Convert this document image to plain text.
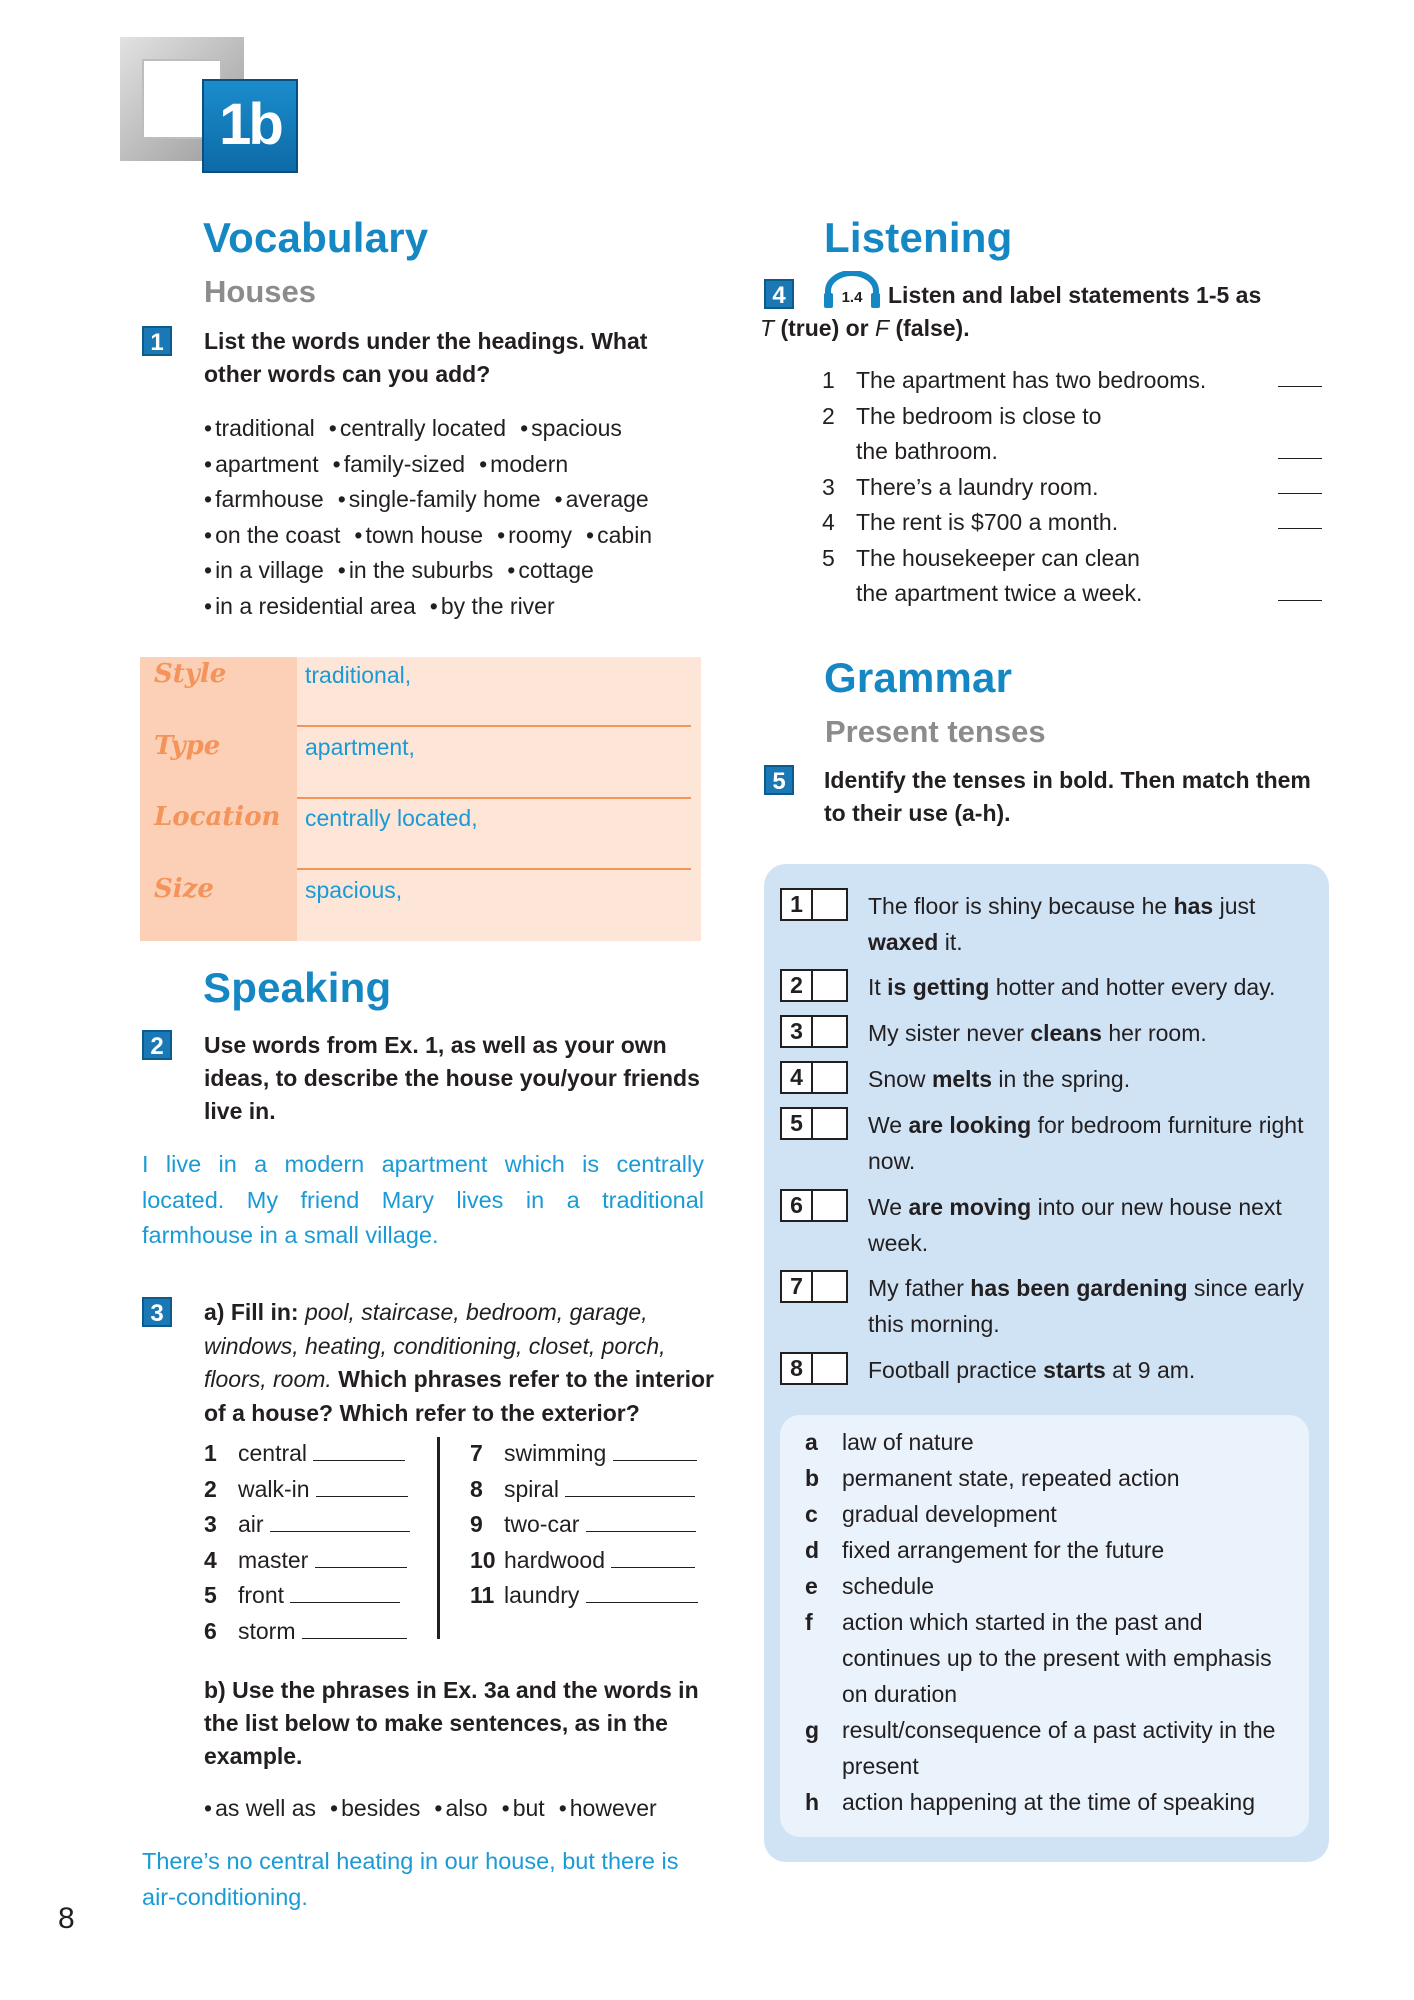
1b
Vocabulary
Houses
1	List the words under the headings. What other words can you add?
• traditional	• centrally located	• spacious
• apartment	• family-sized	• modern
• farmhouse	• single-family home	• average
• on the coast	• town house	• roomy	• cabin
• in a village	• in the suburbs	• cottage
• in a residential area	• by the river
Style	traditional,
Type	apartment,
Location centrally located,
Size	spacious,
Speaking
2	Use words from Ex. 1, as well as your own ideas, to describe the house you/your friends live in.
I live in a modern apartment which is centrally located. My friend Mary lives in a traditional farmhouse in a small village.
3	a) Fill in: pool, staircase, bedroom, garage, windows, heating, conditioning, closet, porch, floors, room. Which phrases refer to the interior of a house? Which refer to the exterior?
1 central
2 walk-in
3 air
4 master
5 front
6 storm
7 swimming
8 spiral
9 two-car
10 hardwood
11 laundry
b) Use the phrases in Ex. 3a and the words in the list below to make sentences, as in the example.
• as well as	• besides	• also	• but	• however
There’s no central heating in our house, but there is air-conditioning.
8
Listening
4	1.4	Listen and label statements 1-5 as
T (true) or F (false).
1 The apartment has two bedrooms.
2 The bedroom is close to
the bathroom.
3 There’s a laundry room.
4 The rent is $700 a month.
5 The housekeeper can clean
the apartment twice a week.
Grammar
Present tenses
5	Identify the tenses in bold. Then match them to their use (a-h).
1	The floor is shiny because he has just waxed it.
2	It is getting hotter and hotter every day.
3	My sister never cleans her room.
4	Snow melts in the spring.
5	We are looking for bedroom furniture right now.
6	We are moving into our new house next week.
7	My father has been gardening since early this morning.
8	Football practice starts at 9 am.
a	law of nature
b permanent state, repeated action
c	gradual development
d fixed arrangement for the future
e	schedule
f	action which started in the past and continues up to the present with emphasis on duration
g result/consequence of a past activity in the present
h action happening at the time of speaking
